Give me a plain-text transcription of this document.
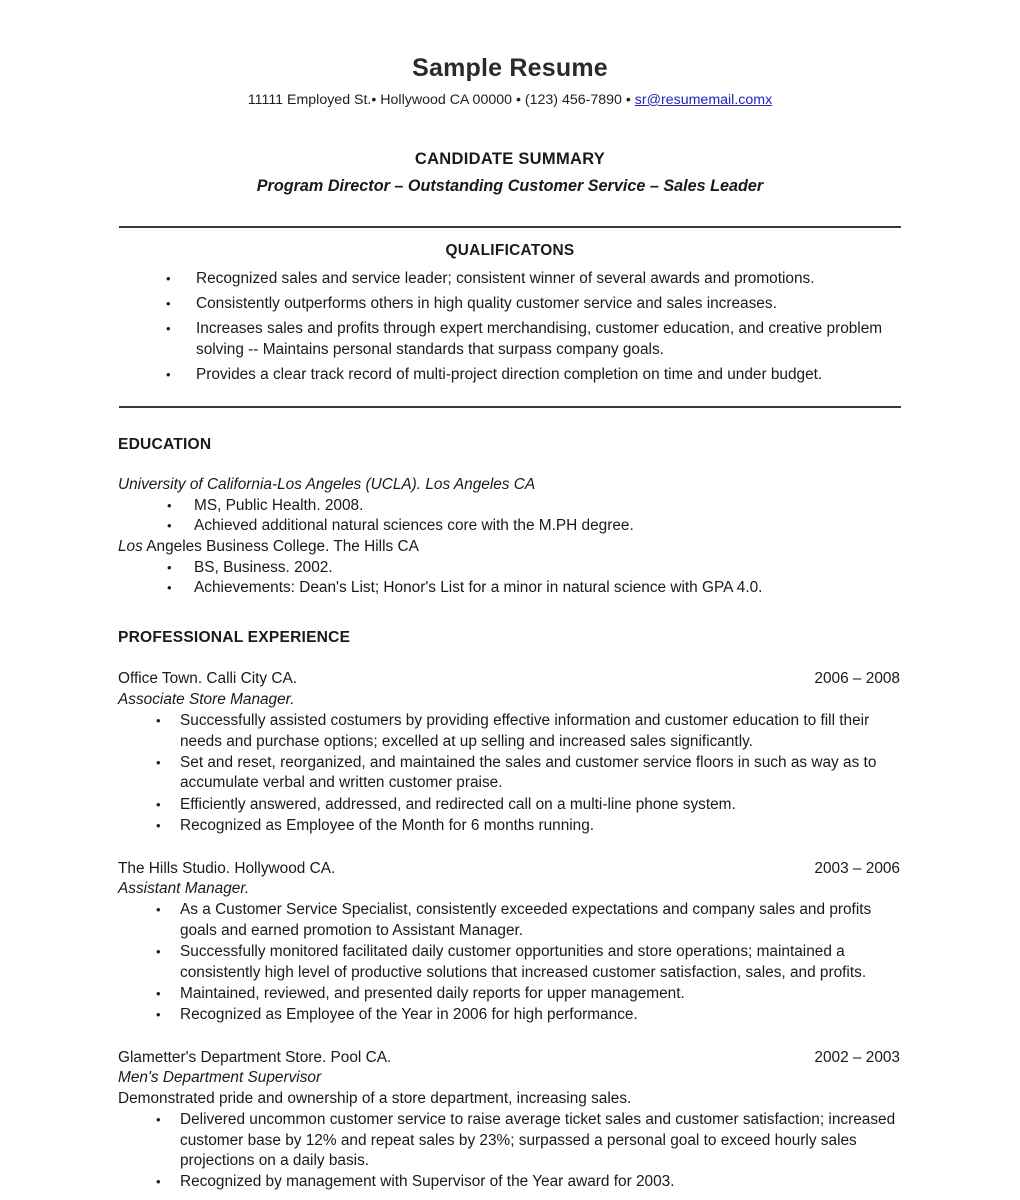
Sample Resume
11111 Employed St.• Hollywood CA 00000 • (123) 456-7890 • sr@resumemail.comx
CANDIDATE SUMMARY
Program Director – Outstanding Customer Service – Sales Leader
QUALIFICATONS
• Recognized sales and service leader; consistent winner of several awards and promotions.
• Consistently outperforms others in high quality customer service and sales increases.
• Increases sales and profits through expert merchandising, customer education, and creative problem solving -- Maintains personal standards that surpass company goals.
• Provides a clear track record of multi-project direction completion on time and under budget.
EDUCATION
University of California-Los Angeles (UCLA). Los Angeles CA
• MS, Public Health. 2008.
• Achieved additional natural sciences core with the M.PH degree.
Los Angeles Business College. The Hills CA
• BS, Business. 2002.
• Achievements: Dean's List; Honor's List for a minor in natural science with GPA 4.0.
PROFESSIONAL EXPERIENCE
Office Town. Calli City CA.	2006 – 2008
Associate Store Manager.
• Successfully assisted costumers by providing effective information and customer education to fill their needs and purchase options; excelled at up selling and increased sales significantly.
• Set and reset, reorganized, and maintained the sales and customer service floors in such as way as to accumulate verbal and written customer praise.
• Efficiently answered, addressed, and redirected call on a multi-line phone system.
• Recognized as Employee of the Month for 6 months running.
The Hills Studio. Hollywood CA.	2003 – 2006
Assistant Manager.
• As a Customer Service Specialist, consistently exceeded expectations and company sales and profits goals and earned promotion to Assistant Manager.
• Successfully monitored facilitated daily customer opportunities and store operations; maintained a consistently high level of productive solutions that increased customer satisfaction, sales, and profits.
• Maintained, reviewed, and presented daily reports for upper management.
• Recognized as Employee of the Year in 2006 for high performance.
Glametter's Department Store. Pool CA.	2002 – 2003
Men's Department Supervisor
Demonstrated pride and ownership of a store department, increasing sales.
• Delivered uncommon customer service to raise average ticket sales and customer satisfaction; increased customer base by 12% and repeat sales by 23%; surpassed a personal goal to exceed hourly sales projections on a daily basis.
• Recognized by management with Supervisor of the Year award for 2003.
